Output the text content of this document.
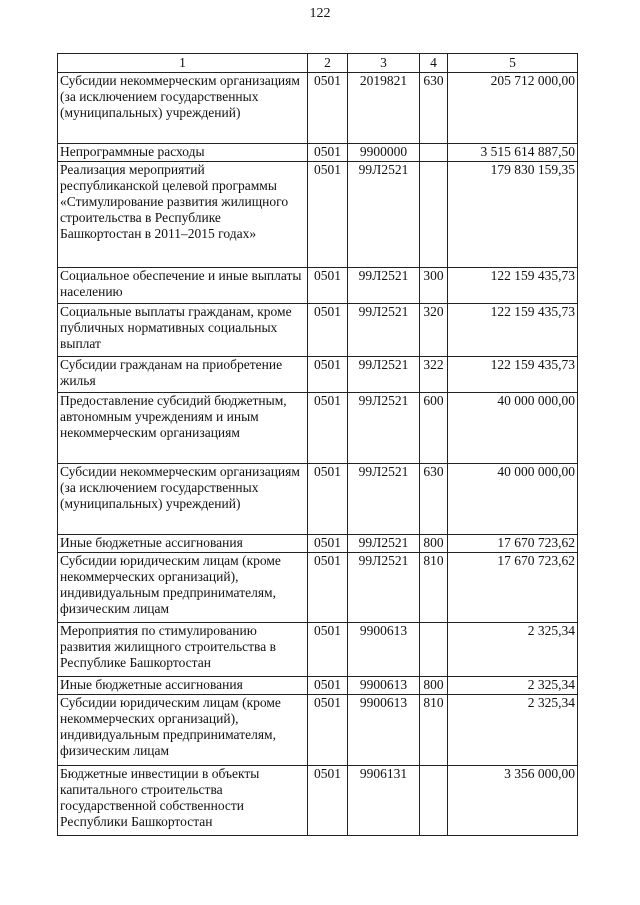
122
1	2	3	4	5
Субсидии некоммерческим организациям (за исключением государственных (муниципальных) учреждений)	0501	2019821	630	205 712 000,00
Непрограммные расходы	0501	9900000		3 515 614 887,50
Реализация мероприятий республиканской целевой программы «Стимулирование развития жилищного строительства в Республике Башкортостан в 2011–2015 годах»	0501	99Л2521		179 830 159,35
Социальное обеспечение и иные выплаты населению	0501	99Л2521	300	122 159 435,73
Социальные выплаты гражданам, кроме публичных нормативных социальных выплат	0501	99Л2521	320	122 159 435,73
Субсидии гражданам на приобретение жилья	0501	99Л2521	322	122 159 435,73
Предоставление субсидий бюджетным, автономным учреждениям и иным некоммерческим организациям	0501	99Л2521	600	40 000 000,00
Субсидии некоммерческим организациям (за исключением государственных (муниципальных) учреждений)	0501	99Л2521	630	40 000 000,00
Иные бюджетные ассигнования	0501	99Л2521	800	17 670 723,62
Субсидии юридическим лицам (кроме некоммерческих организаций), индивидуальным предпринимателям, физическим лицам	0501	99Л2521	810	17 670 723,62
Мероприятия по стимулированию развития жилищного строительства в Республике Башкортостан	0501	9900613		2 325,34
Иные бюджетные ассигнования	0501	9900613	800	2 325,34
Субсидии юридическим лицам (кроме некоммерческих организаций), индивидуальным предпринимателям, физическим лицам	0501	9900613	810	2 325,34
Бюджетные инвестиции в объекты капитального строительства государственной собственности Республики Башкортостан	0501	9906131		3 356 000,00
